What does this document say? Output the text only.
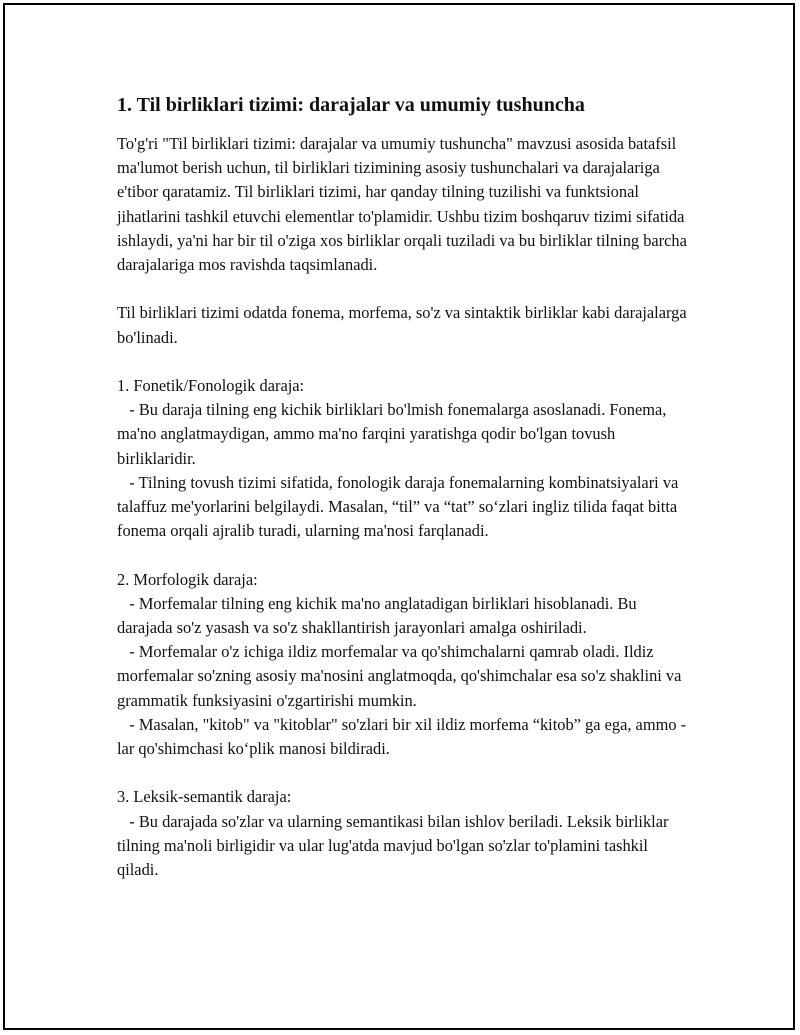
1. Til birliklari tizimi: darajalar va umumiy tushuncha

To'g'ri "Til birliklari tizimi: darajalar va umumiy tushuncha" mavzusi asosida batafsil ma'lumot berish uchun, til birliklari tizimining asosiy tushunchalari va darajalariga e'tibor qaratamiz. Til birliklari tizimi, har qanday tilning tuzilishi va funktsional jihatlarini tashkil etuvchi elementlar to'plamidir. Ushbu tizim boshqaruv tizimi sifatida ishlaydi, ya'ni har bir til o'ziga xos birliklar orqali tuziladi va bu birliklar tilning barcha darajalariga mos ravishda taqsimlanadi.

Til birliklari tizimi odatda fonema, morfema, so'z va sintaktik birliklar kabi darajalarga bo'linadi.

1. Fonetik/Fonologik daraja:
- Bu daraja tilning eng kichik birliklari bo'lmish fonemalarga asoslanadi. Fonema, ma'no anglatmaydigan, ammo ma'no farqini yaratishga qodir bo'lgan tovush birliklaridir.
- Tilning tovush tizimi sifatida, fonologik daraja fonemalarning kombinatsiyalari va talaffuz me'yorlarini belgilaydi. Masalan, “til” va “tat” so‘zlari ingliz tilida faqat bitta fonema orqali ajralib turadi, ularning ma'nosi farqlanadi.

2. Morfologik daraja:
- Morfemalar tilning eng kichik ma'no anglatadigan birliklari hisoblanadi. Bu darajada so'z yasash va so'z shakllantirish jarayonlari amalga oshiriladi.
- Morfemalar o'z ichiga ildiz morfemalar va qo'shimchalarni qamrab oladi. Ildiz morfemalar so'zning asosiy ma'nosini anglatmoqda, qo'shimchalar esa so'z shaklini va grammatik funksiyasini o'zgartirishi mumkin.
- Masalan, "kitob" va "kitoblar" so'zlari bir xil ildiz morfema “kitob” ga ega, ammo -lar qo'shimchasi ko‘plik manosi bildiradi.

3. Leksik-semantik daraja:
- Bu darajada so'zlar va ularning semantikasi bilan ishlov beriladi. Leksik birliklar tilning ma'noli birligidir va ular lug'atda mavjud bo'lgan so'zlar to'plamini tashkil qiladi.
